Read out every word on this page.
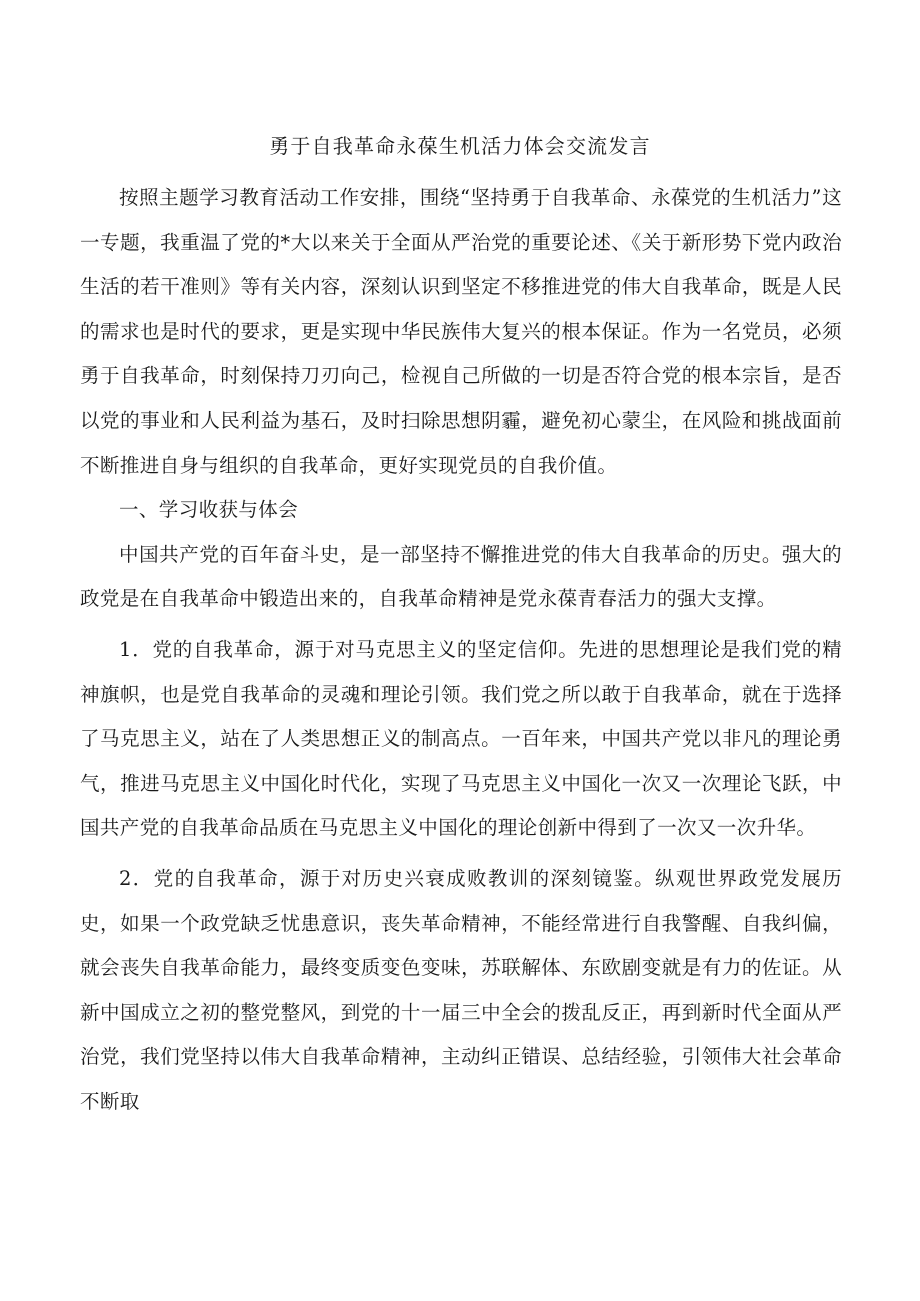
勇于自我革命永葆生机活力体会交流发言

按照主题学习教育活动工作安排，围绕“坚持勇于自我革命、永葆党的生机活力”这一专题，我重温了党的*大以来关于全面从严治党的重要论述、《关于新形势下党内政治生活的若干准则》等有关内容，深刻认识到坚定不移推进党的伟大自我革命，既是人民的需求也是时代的要求，更是实现中华民族伟大复兴的根本保证。作为一名党员，必须勇于自我革命，时刻保持刀刃向己，检视自己所做的一切是否符合党的根本宗旨，是否以党的事业和人民利益为基石，及时扫除思想阴霾，避免初心蒙尘，在风险和挑战面前不断推进自身与组织的自我革命，更好实现党员的自我价值。

一、学习收获与体会

中国共产党的百年奋斗史，是一部坚持不懈推进党的伟大自我革命的历史。强大的政党是在自我革命中锻造出来的，自我革命精神是党永葆青春活力的强大支撑。

1．党的自我革命，源于对马克思主义的坚定信仰。先进的思想理论是我们党的精神旗帜，也是党自我革命的灵魂和理论引领。我们党之所以敢于自我革命，就在于选择了马克思主义，站在了人类思想正义的制高点。一百年来，中国共产党以非凡的理论勇气，推进马克思主义中国化时代化，实现了马克思主义中国化一次又一次理论飞跃，中国共产党的自我革命品质在马克思主义中国化的理论创新中得到了一次又一次升华。

2．党的自我革命，源于对历史兴衰成败教训的深刻镜鉴。纵观世界政党发展历史，如果一个政党缺乏忧患意识，丧失革命精神，不能经常进行自我警醒、自我纠偏，就会丧失自我革命能力，最终变质变色变味，苏联解体、东欧剧变就是有力的佐证。从新中国成立之初的整党整风，到党的十一届三中全会的拨乱反正，再到新时代全面从严治党，我们党坚持以伟大自我革命精神，主动纠正错误、总结经验，引领伟大社会革命不断取
